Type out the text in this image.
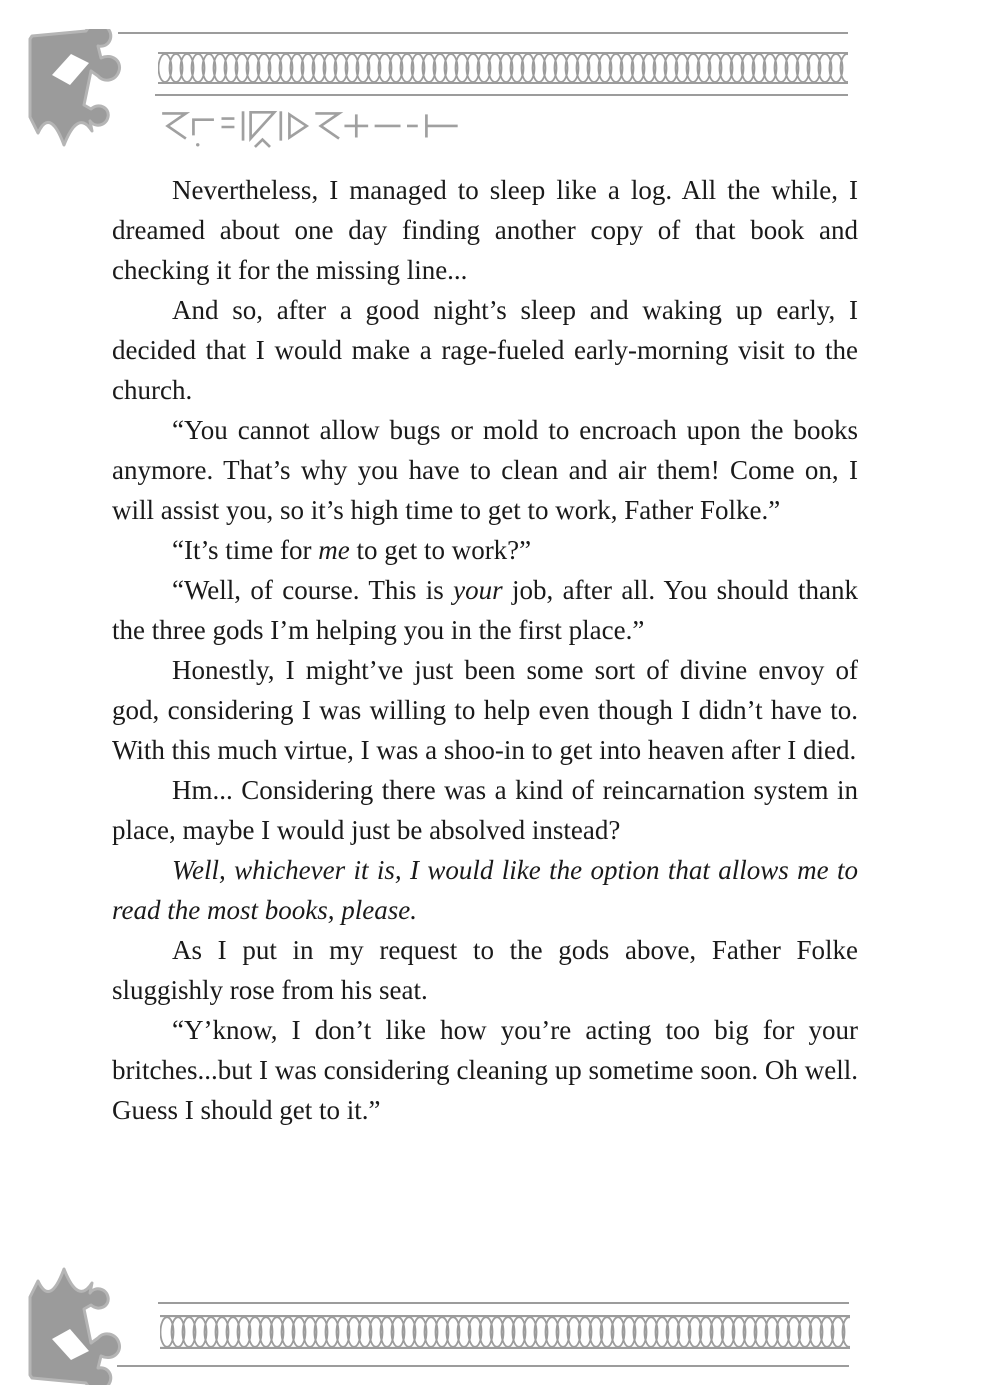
Nevertheless, I managed to sleep like a log. All the while, I dreamed about one day finding another copy of that book and checking it for the missing line...

And so, after a good night’s sleep and waking up early, I decided that I would make a rage-fueled early-morning visit to the church.

“You cannot allow bugs or mold to encroach upon the books anymore. That’s why you have to clean and air them! Come on, I will assist you, so it’s high time to get to work, Father Folke.”

“It’s time for me to get to work?”

“Well, of course. This is your job, after all. You should thank the three gods I’m helping you in the first place.”

Honestly, I might’ve just been some sort of divine envoy of god, considering I was willing to help even though I didn’t have to. With this much virtue, I was a shoo-in to get into heaven after I died.

Hm... Considering there was a kind of reincarnation system in place, maybe I would just be absolved instead?

Well, whichever it is, I would like the option that allows me to read the most books, please.

As I put in my request to the gods above, Father Folke sluggishly rose from his seat.

“Y’know, I don’t like how you’re acting too big for your britches...but I was considering cleaning up sometime soon. Oh well. Guess I should get to it.”
